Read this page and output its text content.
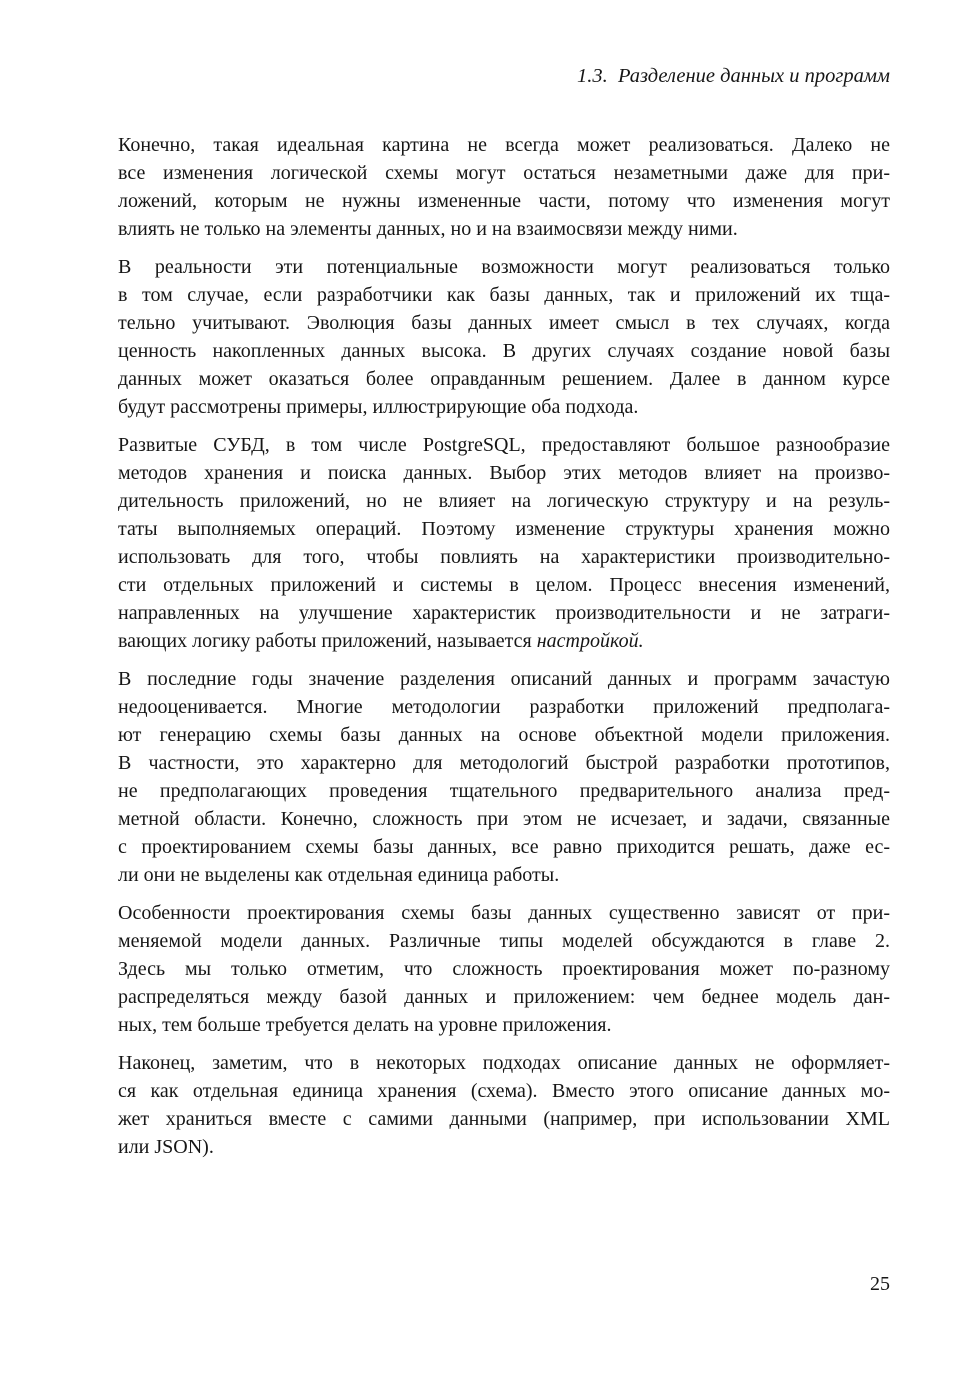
1.3. Разделение данных и программ
Конечно, такая идеальная картина не всегда может реализоваться. Далеко не
все изменения логической схемы могут остаться незаметными даже для при-
ложений, которым не нужны измененные части, потому что изменения могут
влиять не только на элементы данных, но и на взаимосвязи между ними.
В реальности эти потенциальные возможности могут реализоваться только
в том случае, если разработчики как базы данных, так и приложений их тща-
тельно учитывают. Эволюция базы данных имеет смысл в тех случаях, когда
ценность накопленных данных высока. В других случаях создание новой базы
данных может оказаться более оправданным решением. Далее в данном курсе
будут рассмотрены примеры, иллюстрирующие оба подхода.
Развитые СУБД, в том числе PostgreSQL, предоставляют большое разнообразие
методов хранения и поиска данных. Выбор этих методов влияет на произво-
дительность приложений, но не влияет на логическую структуру и на резуль-
таты выполняемых операций. Поэтому изменение структуры хранения можно
использовать для того, чтобы повлиять на характеристики производительно-
сти отдельных приложений и системы в целом. Процесс внесения изменений,
направленных на улучшение характеристик производительности и не затраги-
вающих логику работы приложений, называется настройкой.
В последние годы значение разделения описаний данных и программ зачастую
недооценивается. Многие методологии разработки приложений предполага-
ют генерацию схемы базы данных на основе объектной модели приложения.
В частности, это характерно для методологий быстрой разработки прототипов,
не предполагающих проведения тщательного предварительного анализа пред-
метной области. Конечно, сложность при этом не исчезает, и задачи, связанные
с проектированием схемы базы данных, все равно приходится решать, даже ес-
ли они не выделены как отдельная единица работы.
Особенности проектирования схемы базы данных существенно зависят от при-
меняемой модели данных. Различные типы моделей обсуждаются в главе 2.
Здесь мы только отметим, что сложность проектирования может по-разному
распределяться между базой данных и приложением: чем беднее модель дан-
ных, тем больше требуется делать на уровне приложения.
Наконец, заметим, что в некоторых подходах описание данных не оформляет-
ся как отдельная единица хранения (схема). Вместо этого описание данных мо-
жет храниться вместе с самими данными (например, при использовании XML
или JSON).
25
